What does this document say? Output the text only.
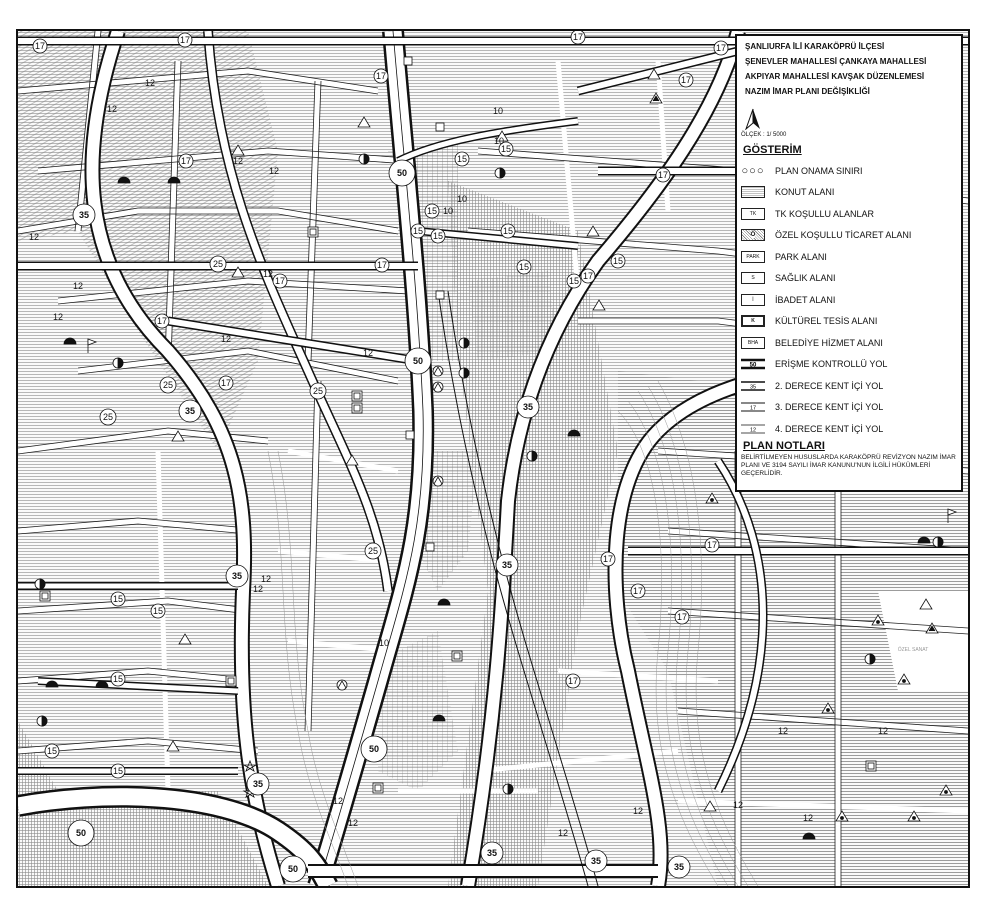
50
50
50
50
50
35
35
35
35
35
35
35
35
35
25
25
25
25
25
17
17
17
17
17
17
17
17
17
17
17
17
17
17
17
17
17
17
15
15
15
15
15
15
15
15
15
15
15
15
15
15
12
12
12
12
12
12
12
12
12
12
12
12
12
12
12
12
12
12
12
12
10
10
10
10
10
ÖZEL SANAT
ŞANLIURFA İLİ KARAKÖPRÜ İLÇESİ
ŞENEVLER MAHALLESİ ÇANKAYA MAHALLESİ
AKPIYAR MAHALLESİ KAVŞAK DÜZENLEMESİ
NAZIM İMAR PLANI DEĞİŞİKLİĞİ
ÖLÇEK : 1/ 5000
GÖSTERİM
○○○ PLAN ONAMA SINIRI
KONUT ALANI
TK	TK KOŞULLU ALANLAR
Ö ÖZEL KOŞULLU TİCARET ALANI
PARK	PARK ALANI
S	SAĞLIK ALANI
İ	İBADET ALANI
K KÜLTÜREL TESİS ALANI
BHA	BELEDİYE HİZMET ALANI
50 ERİŞME KONTROLLÜ YOL
35 2. DERECE KENT İÇİ YOL
17 3. DERECE KENT İÇİ YOL
12 4. DERECE KENT İÇİ YOL
PLAN NOTLARI
BELİRTİLMEYEN HUSUSLARDA KARAKÖPRÜ REVİZYON NAZIM İMAR PLANI VE 3194 SAYILI İMAR KANUNU'NUN İLGİLİ HÜKÜMLERİ GEÇERLİDİR.
